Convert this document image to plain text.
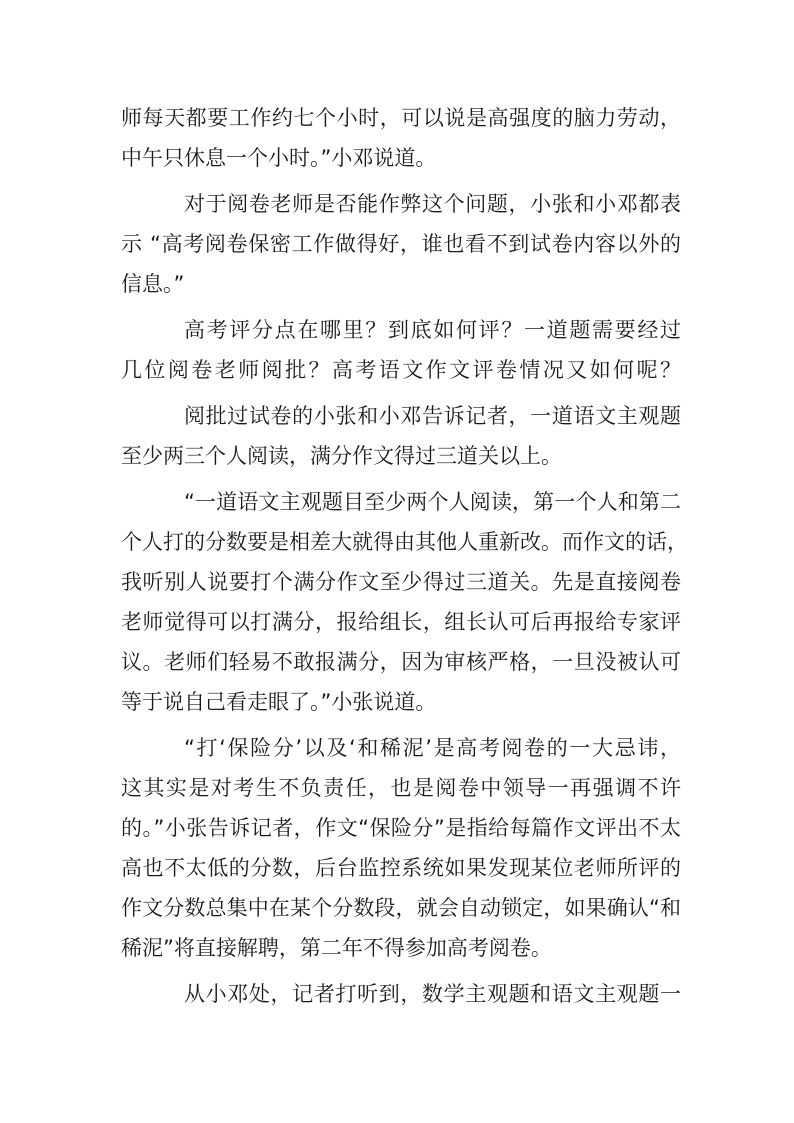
师每天都要工作约七个小时，可以说是高强度的脑力劳动，
中午只休息一个小时。”小邓说道。
对于阅卷老师是否能作弊这个问题，小张和小邓都表
示 “高考阅卷保密工作做得好，谁也看不到试卷内容以外的
信息。”
高考评分点在哪里？到底如何评？一道题需要经过
几位阅卷老师阅批？高考语文作文评卷情况又如何呢？
阅批过试卷的小张和小邓告诉记者，一道语文主观题
至少两三个人阅读，满分作文得过三道关以上。
“一道语文主观题目至少两个人阅读，第一个人和第二
个人打的分数要是相差大就得由其他人重新改。而作文的话，
我听别人说要打个满分作文至少得过三道关。先是直接阅卷
老师觉得可以打满分，报给组长，组长认可后再报给专家评
议。老师们轻易不敢报满分，因为审核严格，一旦没被认可
等于说自己看走眼了。”小张说道。
“打‘保险分’以及‘和稀泥’是高考阅卷的一大忌讳，
这其实是对考生不负责任，也是阅卷中领导一再强调不许
的。”小张告诉记者，作文“保险分”是指给每篇作文评出不太
高也不太低的分数，后台监控系统如果发现某位老师所评的
作文分数总集中在某个分数段，就会自动锁定，如果确认“和
稀泥”将直接解聘，第二年不得参加高考阅卷。
从小邓处，记者打听到，数学主观题和语文主观题一
